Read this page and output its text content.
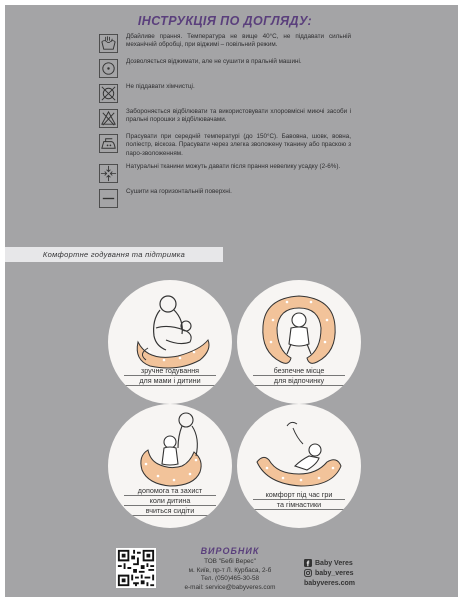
ІНСТРУКЦІЯ ПО ДОГЛЯДУ:
Дбайливе прання. Температура не вище 40°С, не піддавати сильній механічній обробці, при віджимі – повільний режим.
Дозволяється віджимати, але не сушити в пральній машині.
Не піддавати хімчистці.
Забороняється відбілювати та використовувати хлоровмісні миючі засоби і пральні порошки з відбілювачами.
Прасувати при середній температурі (до 150°С). Бавовна, шовк, вовна, поліестр, віскоза. Прасувати через злегка зволожену тканину або праскою з паро-зволоженням.
Натуральні тканини можуть давати після прання невелику усадку (2-6%).
Сушити на горизонтальній поверхні.
Комфортне годування та підтримка
зручне годування
для мами і дитини
безпечне місце
для відпочинку
допомога та захист
коли дитина
вчиться сидіти
комфорт під час гри
та гімнастики
ВИРОБНИК
ТОВ "Бебі Верес"
м. Київ, пр-т Л. Курбаса, 2-б
Тел. (050)465-30-58
e-mail: service@babyveres.com
Baby Veres
baby_veres
babyveres.com
